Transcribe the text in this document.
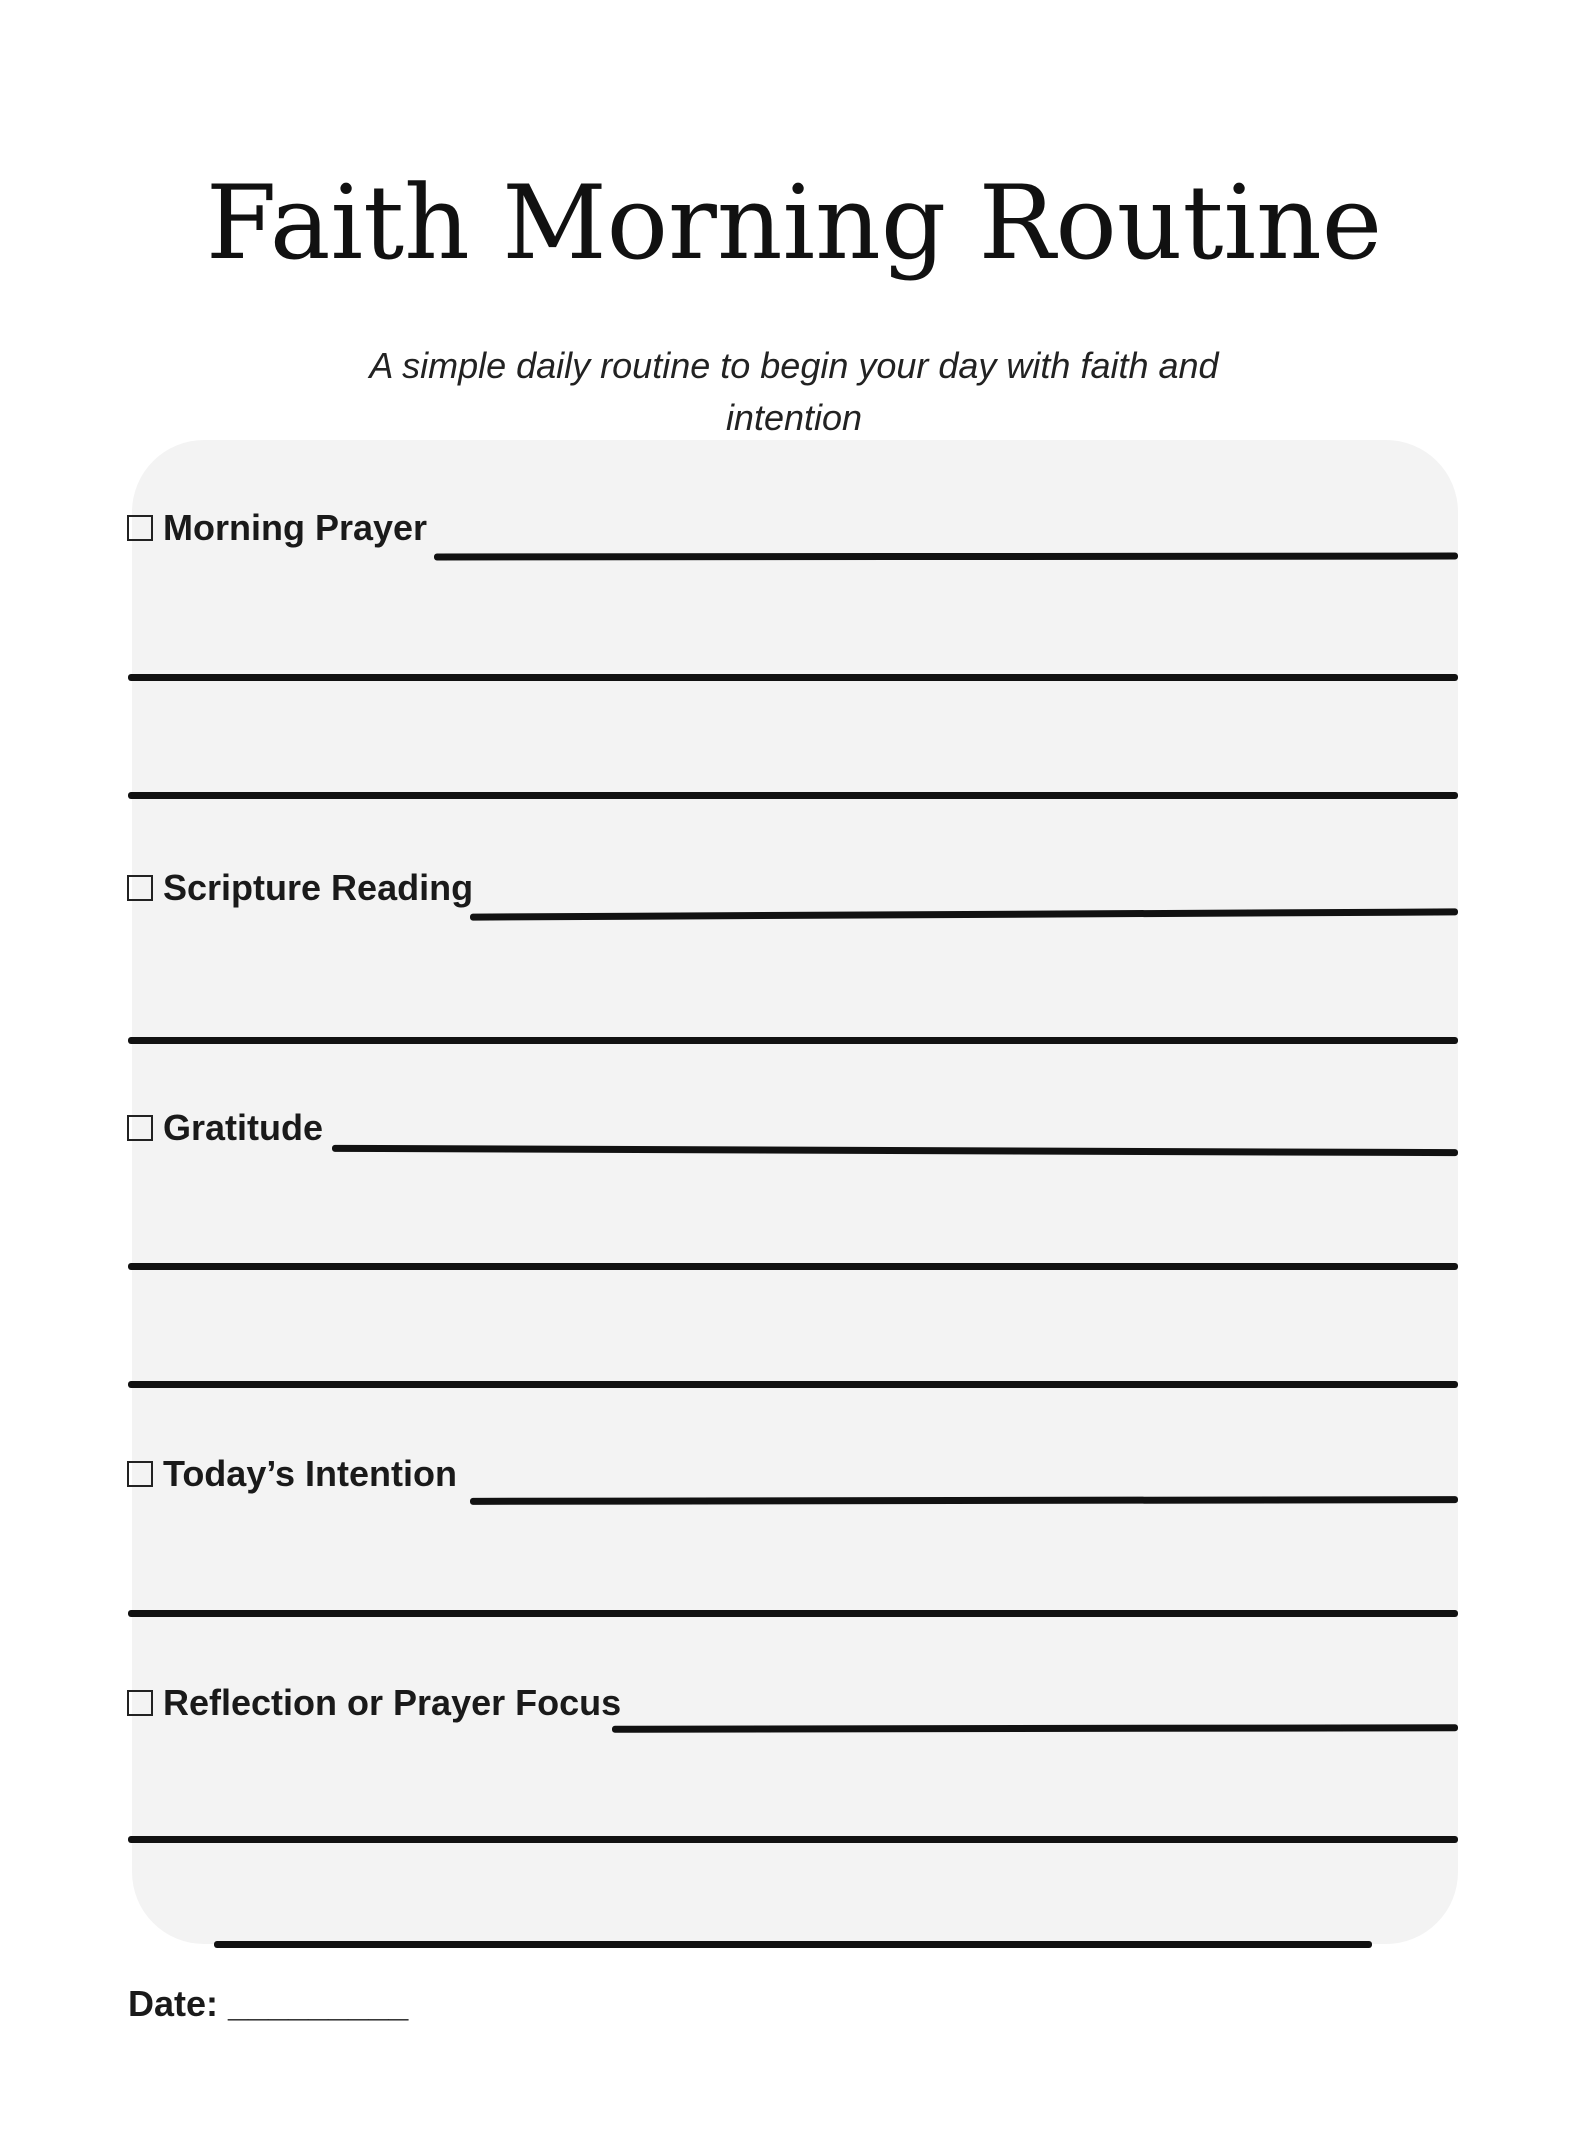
Faith Morning Routine
A simple daily routine to begin your day with faith and intention
Morning Prayer
Scripture Reading
Gratitude
Today’s Intention
Reflection or Prayer Focus
Date: _________
